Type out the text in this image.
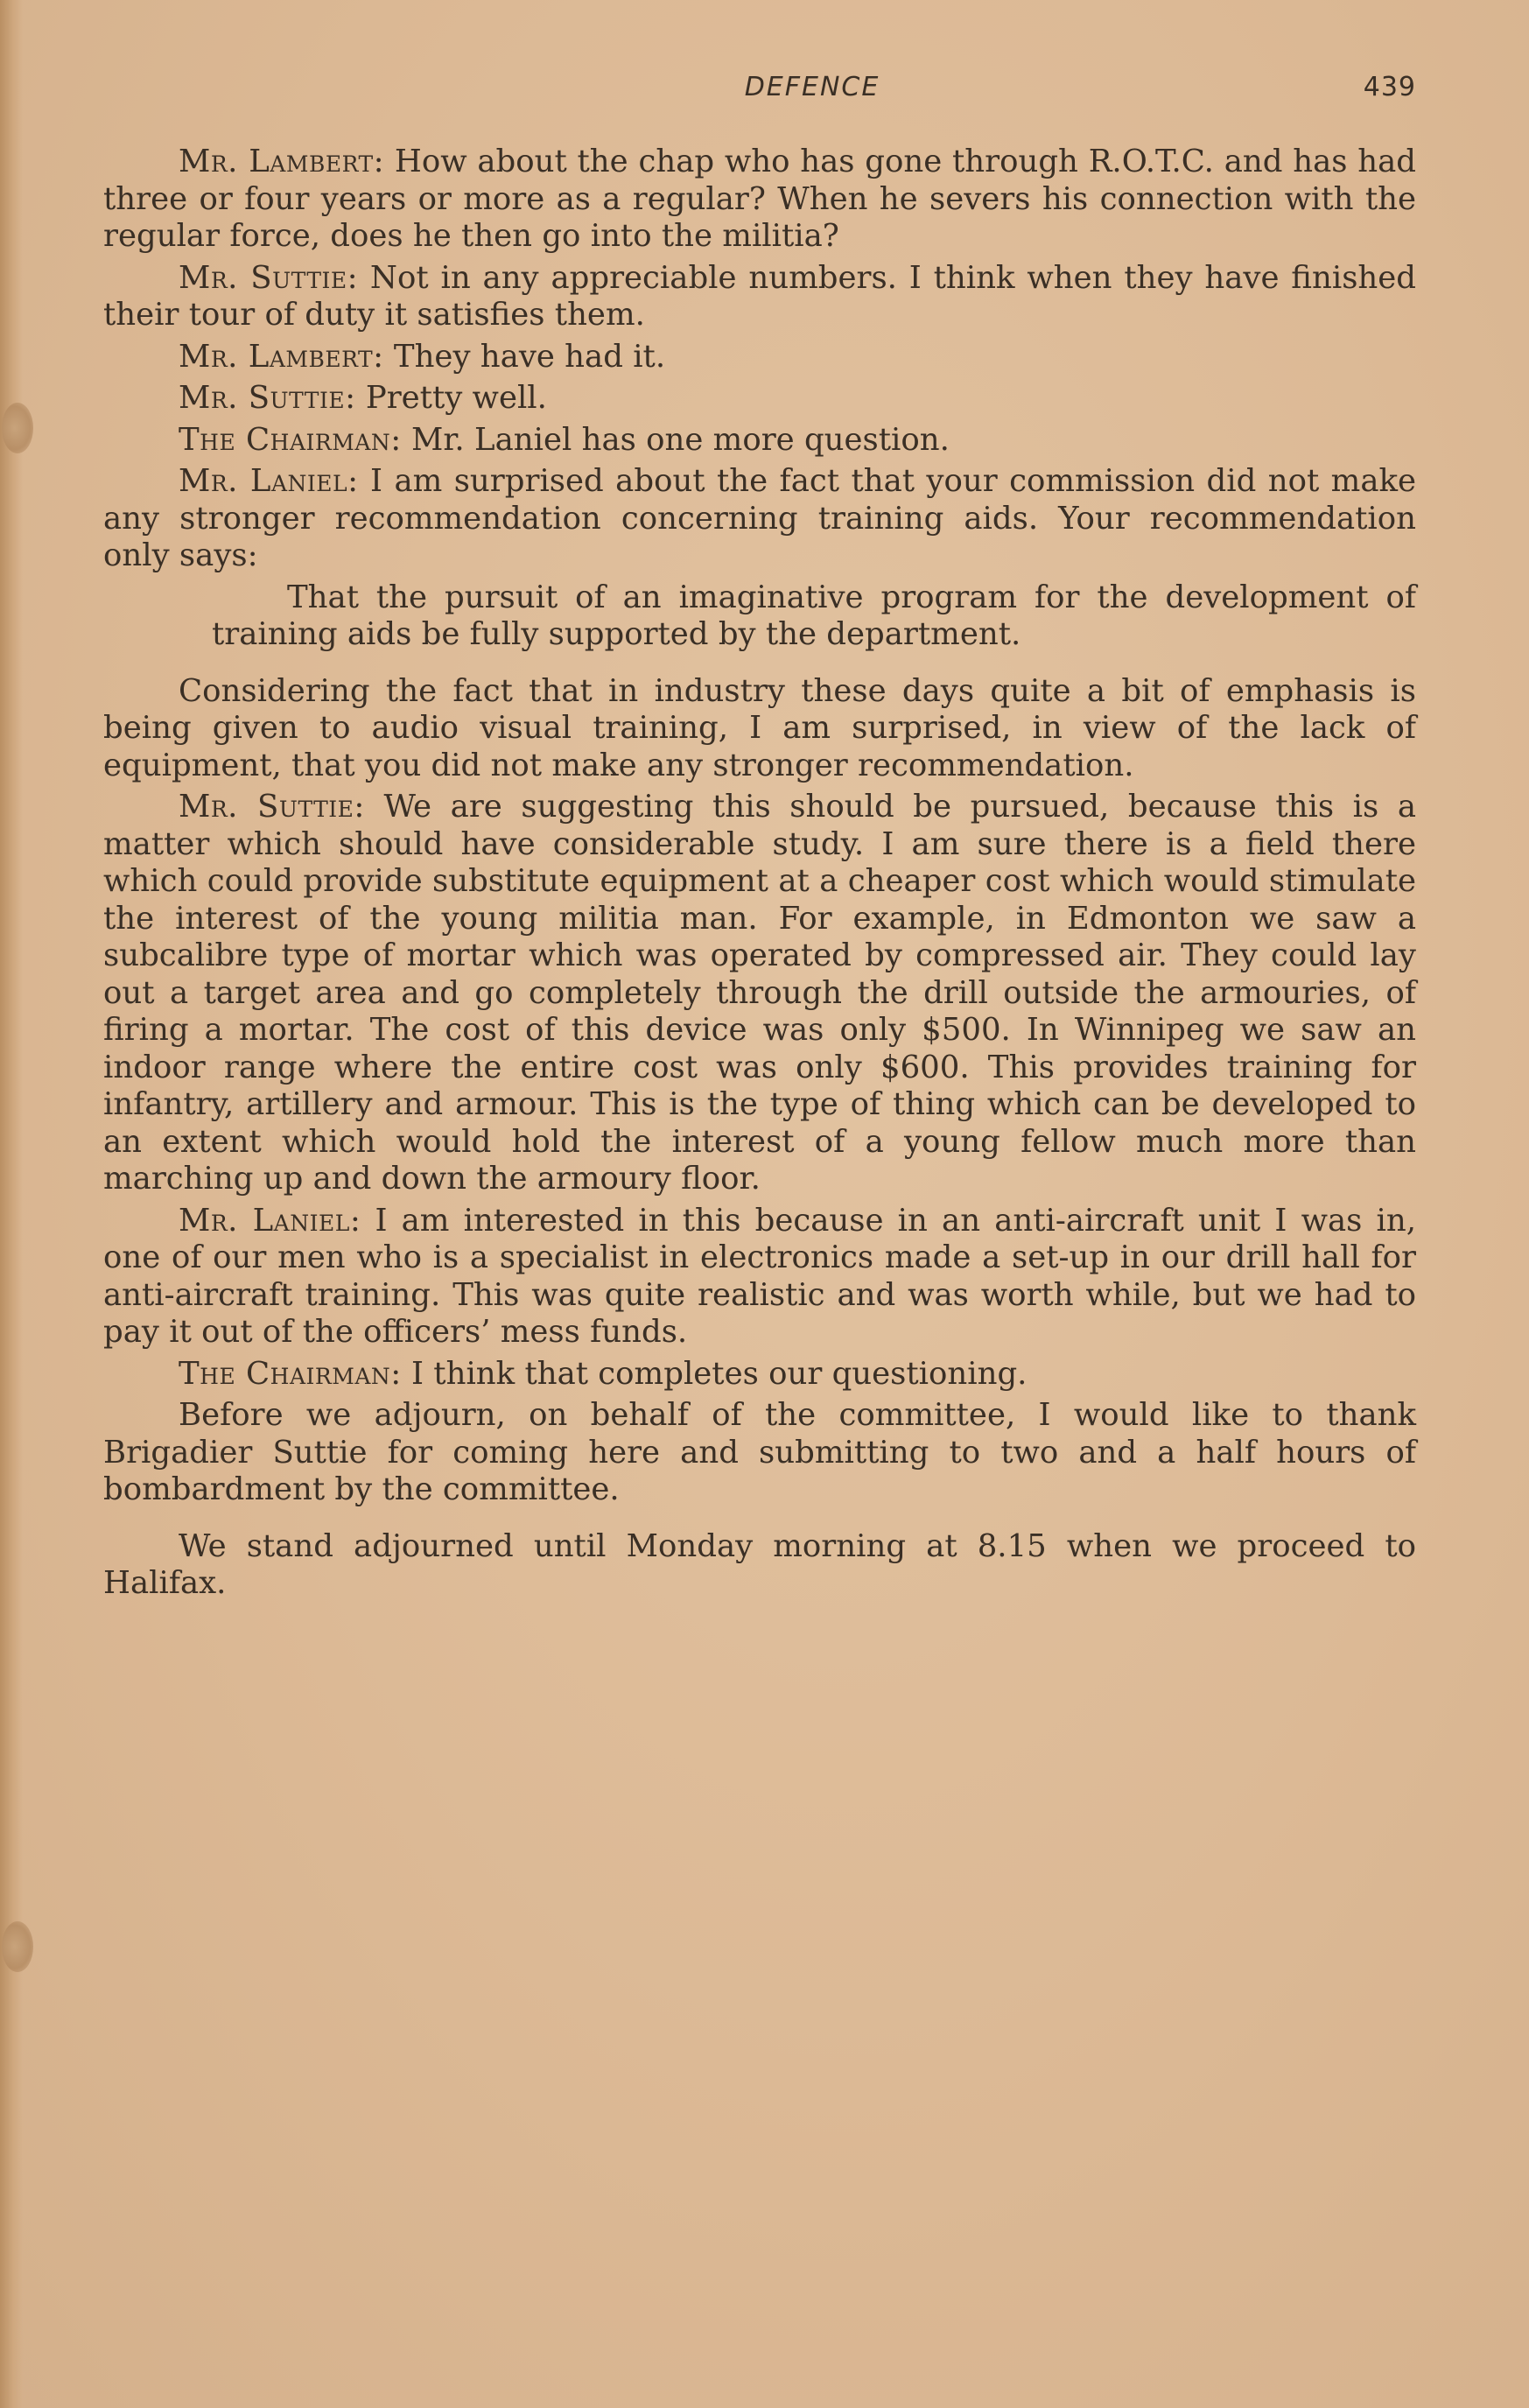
DEFENCE	439

Mr. Lambert: How about the chap who has gone through R.O.T.C. and has had three or four years or more as a regular? When he severs his connection with the regular force, does he then go into the militia?

Mr. Suttie: Not in any appreciable numbers. I think when they have finished their tour of duty it satisfies them.

Mr. Lambert: They have had it.

Mr. Suttie: Pretty well.

The Chairman: Mr. Laniel has one more question.

Mr. Laniel: I am surprised about the fact that your commission did not make any stronger recommendation concerning training aids. Your recommendation only says:

That the pursuit of an imaginative program for the development of training aids be fully supported by the department.

Considering the fact that in industry these days quite a bit of emphasis is being given to audio visual training, I am surprised, in view of the lack of equipment, that you did not make any stronger recommendation.

Mr. Suttie: We are suggesting this should be pursued, because this is a matter which should have considerable study. I am sure there is a field there which could provide substitute equipment at a cheaper cost which would stimulate the interest of the young militia man. For example, in Edmonton we saw a subcalibre type of mortar which was operated by compressed air. They could lay out a target area and go completely through the drill outside the armouries, of firing a mortar. The cost of this device was only $500. In Winnipeg we saw an indoor range where the entire cost was only $600. This provides training for infantry, artillery and armour. This is the type of thing which can be developed to an extent which would hold the interest of a young fellow much more than marching up and down the armoury floor.

Mr. Laniel: I am interested in this because in an anti-aircraft unit I was in, one of our men who is a specialist in electronics made a set-up in our drill hall for anti-aircraft training. This was quite realistic and was worth while, but we had to pay it out of the officers’ mess funds.

The Chairman: I think that completes our questioning.

Before we adjourn, on behalf of the committee, I would like to thank Brigadier Suttie for coming here and submitting to two and a half hours of bombardment by the committee.

We stand adjourned until Monday morning at 8.15 when we proceed to Halifax.
